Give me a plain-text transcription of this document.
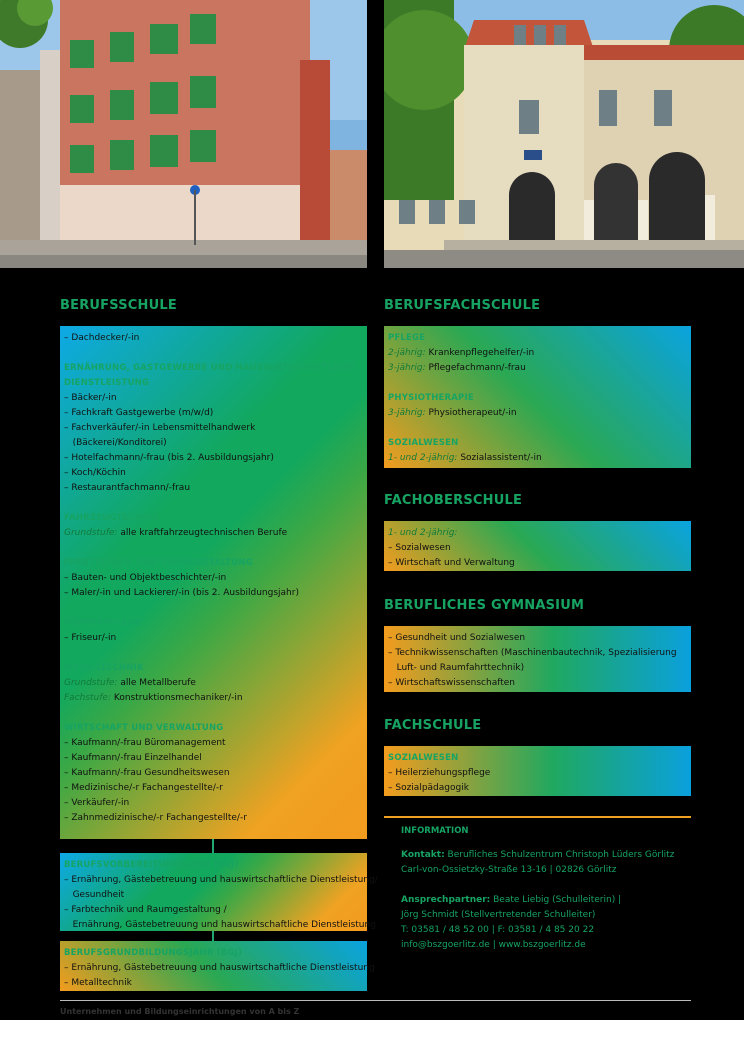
BERUFSSCHULE
– Dachdecker/-in
ERNÄHRUNG, GASTGEWERBE UND HAUSWIRTSCHAFTLICHE
DIENSTLEISTUNG
– Bäcker/-in
– Fachkraft Gastgewerbe (m/w/d)
– Fachverkäufer/-in Lebensmittelhandwerk
(Bäckerei/Konditorei)
– Hotelfachmann/-frau (bis 2. Ausbildungsjahr)
– Koch/Köchin
– Restaurantfachmann/-frau
FAHRZEUGTECHNIK
Grundstufe: alle kraftfahrzeugtechnischen Berufe
FARBTECHNIK UND RAUMGESTALTUNG
– Bauten- und Objektbeschichter/-in
– Maler/-in und Lackierer/-in (bis 2. Ausbildungsjahr)
KÖRPERPFLEGE
– Friseur/-in
METALLTECHNIK
Grundstufe: alle Metallberufe
Fachstufe: Konstruktionsmechaniker/-in
WIRTSCHAFT UND VERWALTUNG
– Kaufmann/-frau Büromanagement
– Kaufmann/-frau Einzelhandel
– Kaufmann/-frau Gesundheitswesen
– Medizinische/-r Fachangestellte/-r
– Verkäufer/-in
– Zahnmedizinische/-r Fachangestellte/-r
BERUFSVORBEREITUNGSJAHR (BVJ)
– Ernährung, Gästebetreuung und hauswirtschaftliche Dienstleistung/
Gesundheit
– Farbtechnik und Raumgestaltung /
Ernährung, Gästebetreuung und hauswirtschaftliche Dienstleistung
BERUFSGRUNDBILDUNGSJAHR (BGJ)
– Ernährung, Gästebetreuung und hauswirtschaftliche Dienstleistung
– Metalltechnik
BERUFSFACHSCHULE
PFLEGE
2-jährig: Krankenpflegehelfer/-in
3-jährig: Pflegefachmann/-frau
PHYSIOTHERAPIE
3-jährig: Physiotherapeut/-in
SOZIALWESEN
1- und 2-jährig: Sozialassistent/-in
FACHOBERSCHULE
1- und 2-jährig:
– Sozialwesen
– Wirtschaft und Verwaltung
BERUFLICHES GYMNASIUM
– Gesundheit und Sozialwesen
– Technikwissenschaften (Maschinenbautechnik, Spezialisierung
Luft- und Raumfahrttechnik)
– Wirtschaftswissenschaften
FACHSCHULE
SOZIALWESEN
– Heilerziehungspflege
– Sozialpädagogik
INFORMATION
Kontakt: Berufliches Schulzentrum Christoph Lüders Görlitz
Carl-von-Ossietzky-Straße 13-16 | 02826 Görlitz
Ansprechpartner: Beate Liebig (Schulleiterin) |
Jörg Schmidt (Stellvertretender Schulleiter)
T: 03581 / 48 52 00 | F: 03581 / 4 85 20 22
info@bszgoerlitz.de | www.bszgoerlitz.de
Unternehmen und Bildungseinrichtungen von A bis Z
